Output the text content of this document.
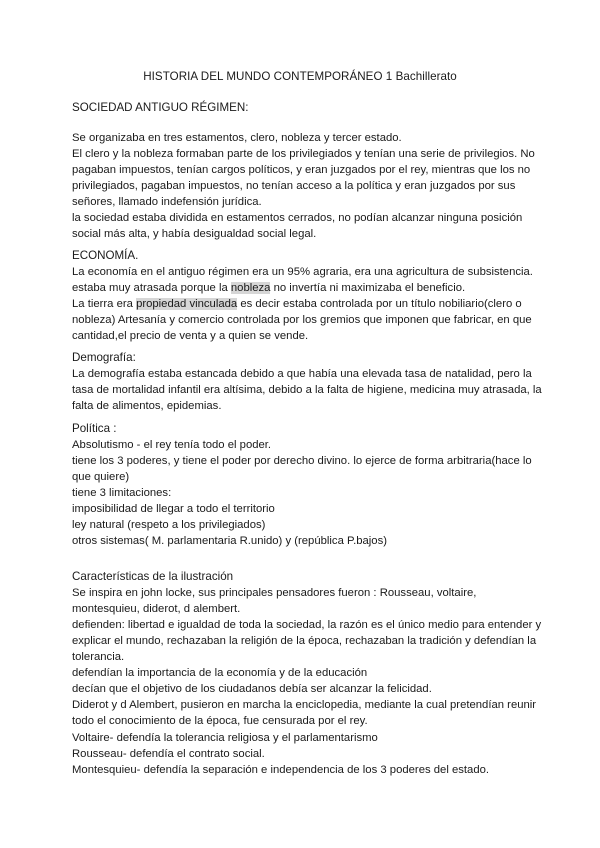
HISTORIA DEL MUNDO CONTEMPORÁNEO 1 Bachillerato

SOCIEDAD ANTIGUO RÉGIMEN:

Se organizaba en tres estamentos, clero, nobleza y tercer estado.

El clero y la nobleza formaban parte de los privilegiados y tenían una serie de privilegios. No pagaban impuestos, tenían cargos políticos, y eran juzgados por el rey, mientras que los no privilegiados, pagaban impuestos, no tenían acceso a la política y eran juzgados por sus señores, llamado indefensión jurídica.

la sociedad estaba dividida en estamentos cerrados, no podían alcanzar ninguna posición social más alta, y había desigualdad social legal.

ECONOMÍA.

La economía en el antiguo régimen era un 95% agraria, era una agricultura de subsistencia.

estaba muy atrasada porque la nobleza no invertía ni maximizaba el beneficio.

La tierra era propiedad vinculada es decir estaba controlada por un título nobiliario(clero o nobleza) Artesanía y comercio controlada por los gremios que imponen que fabricar, en que cantidad,el precio de venta y a quien se vende.

Demografía:

La demografía estaba estancada debido a que había una elevada tasa de natalidad, pero la tasa de mortalidad infantil era altísima, debido a la falta de higiene, medicina muy atrasada, la falta de alimentos, epidemias.

Política :

Absolutismo - el rey tenía todo el poder.

tiene los 3 poderes, y tiene el poder por derecho divino. lo ejerce de forma arbitraria(hace lo que quiere)

tiene 3 limitaciones:

imposibilidad de llegar a todo el territorio

ley natural (respeto a los privilegiados)

otros sistemas( M. parlamentaria R.unido) y (república P.bajos)

Características de la ilustración

Se inspira en john locke, sus principales pensadores fueron : Rousseau, voltaire, montesquieu, diderot, d alembert.

defienden: libertad e igualdad de toda la sociedad, la razón es el único medio para entender y explicar el mundo, rechazaban la religión de la época, rechazaban la tradición y defendían la tolerancia.

defendían la importancia de la economía y de la educación

decían que el objetivo de los ciudadanos debía ser alcanzar la felicidad.

Diderot y d Alembert, pusieron en marcha la enciclopedia, mediante la cual pretendían reunir todo el conocimiento de la época, fue censurada por el rey.

Voltaire- defendía la tolerancia religiosa y el parlamentarismo

Rousseau- defendía el contrato social.

Montesquieu- defendía la separación e independencia de los 3 poderes del estado.
